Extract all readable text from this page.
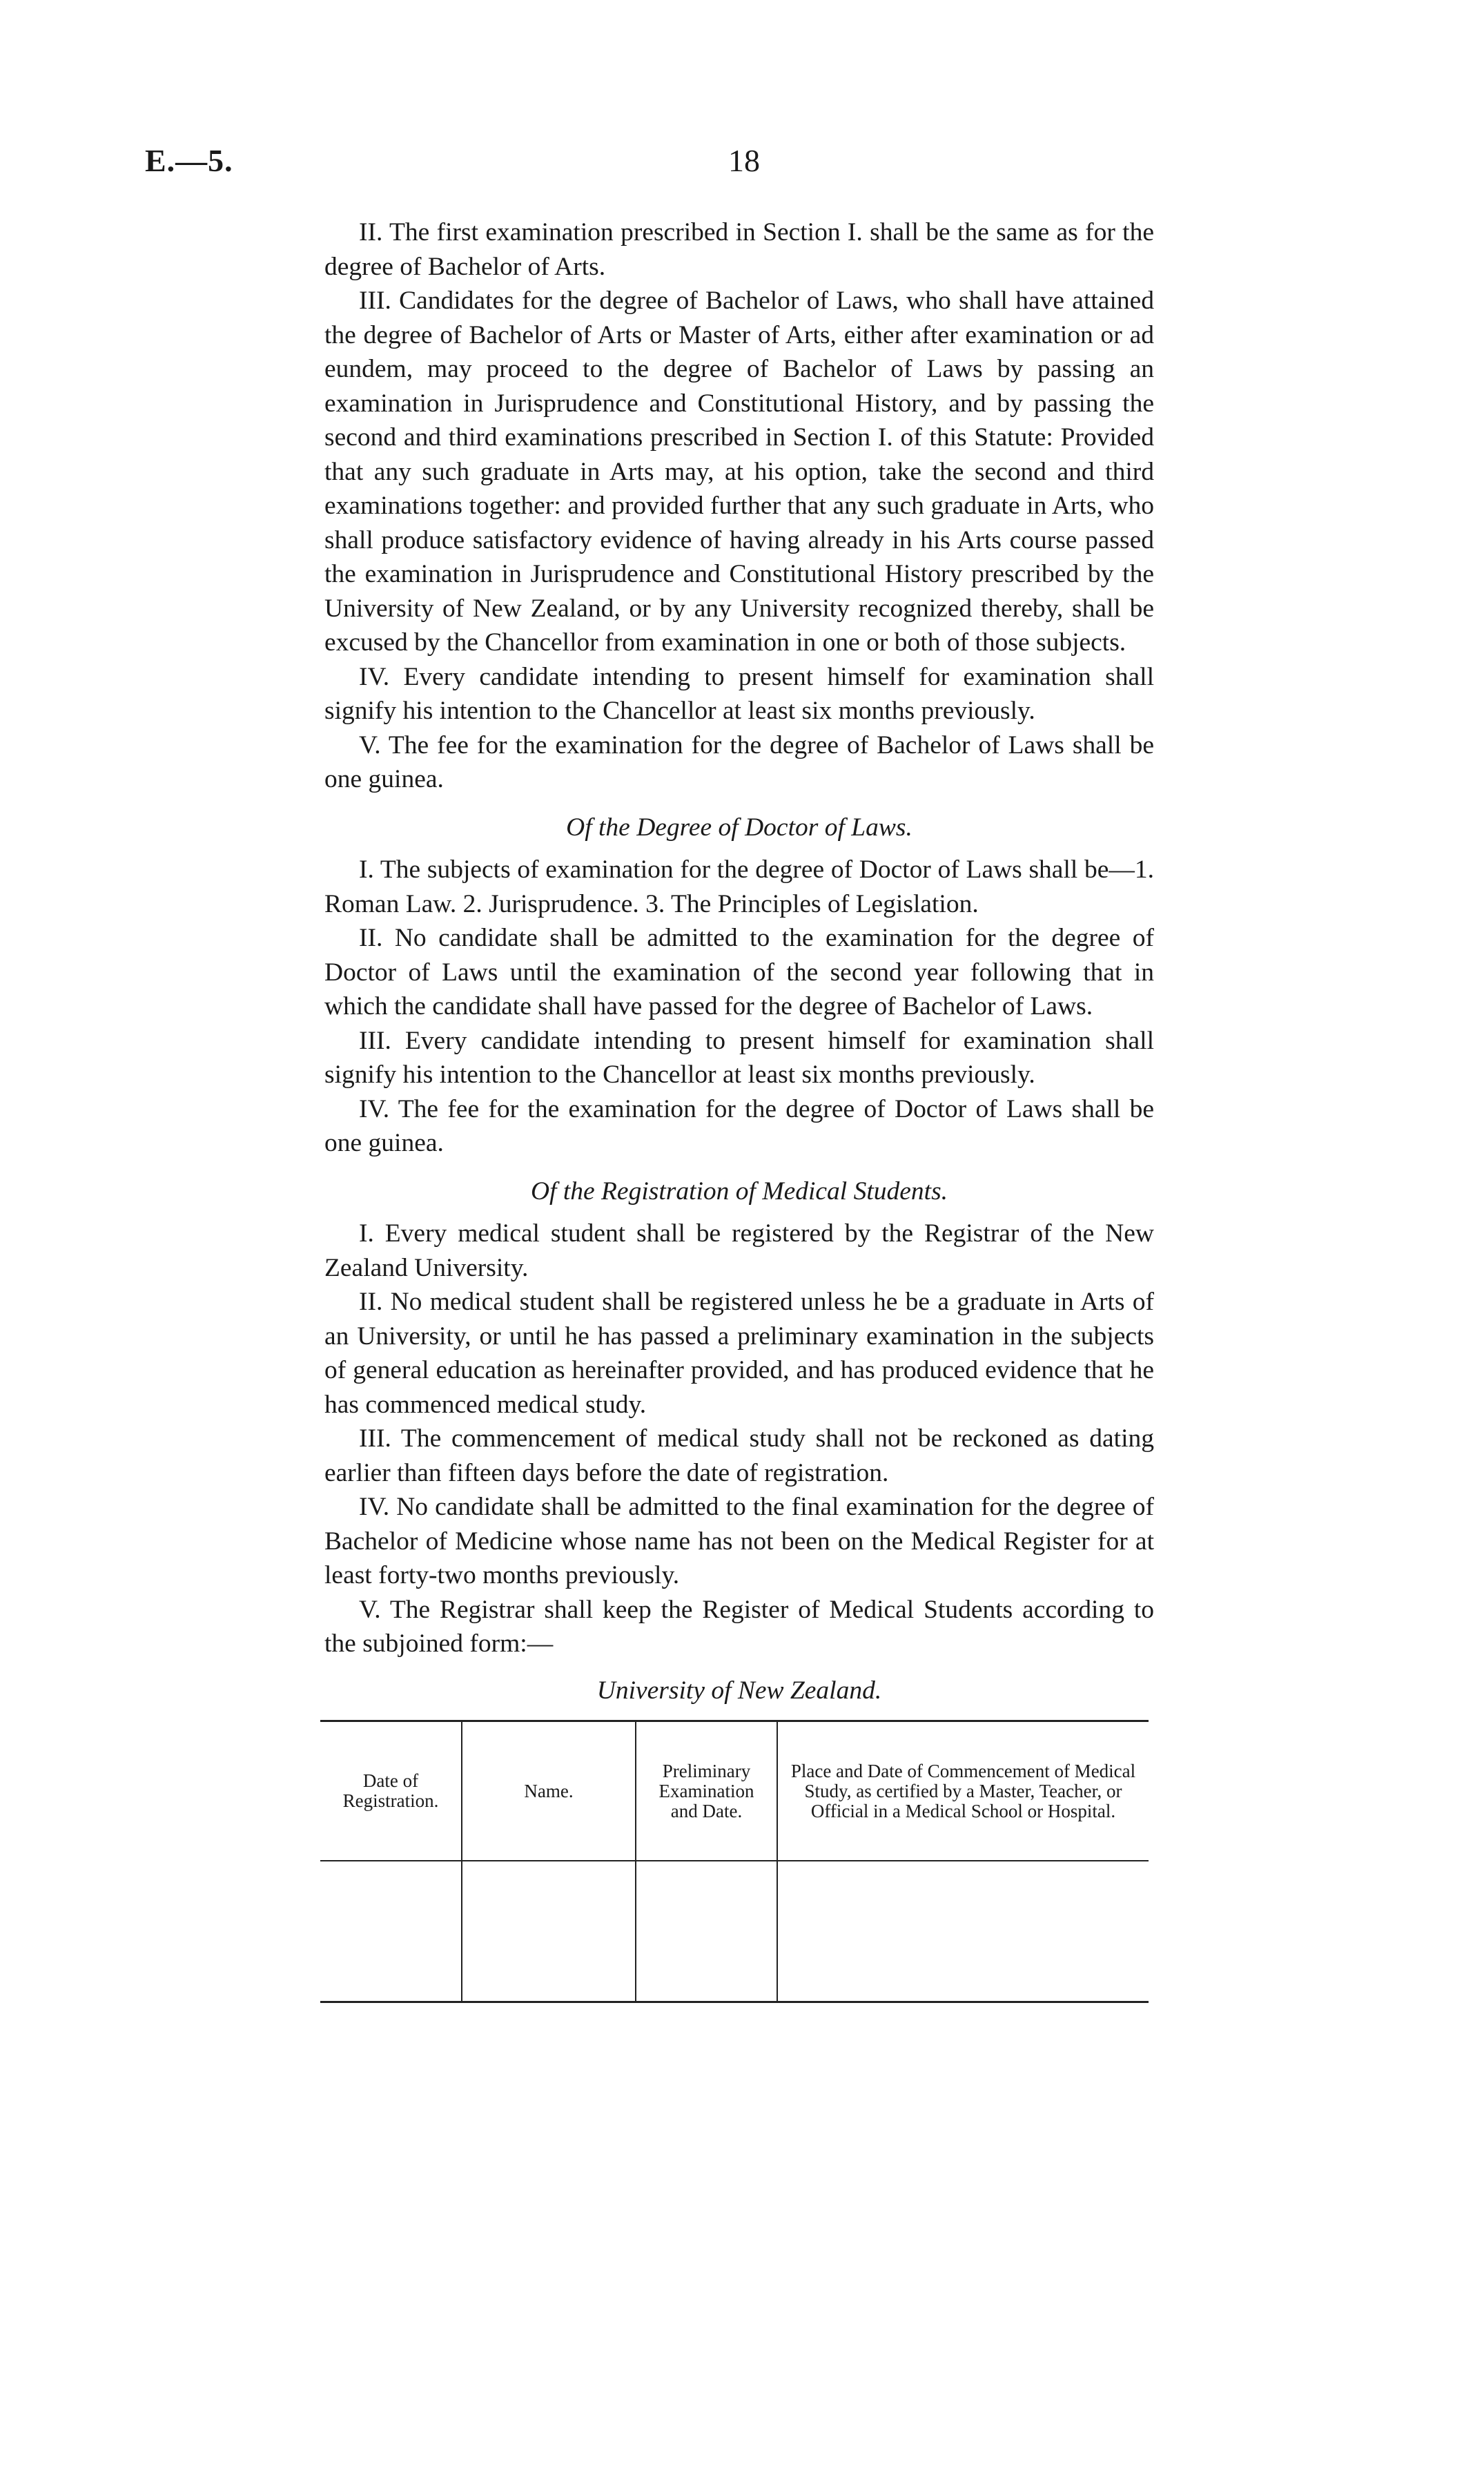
E.—5.	18

II. The first examination prescribed in Section I. shall be the same as for the degree of Bachelor of Arts.

III. Candidates for the degree of Bachelor of Laws, who shall have attained the degree of Bachelor of Arts or Master of Arts, either after examination or ad eundem, may proceed to the degree of Bachelor of Laws by passing an examination in Jurisprudence and Constitutional History, and by passing the second and third examinations prescribed in Section I. of this Statute: Provided that any such graduate in Arts may, at his option, take the second and third examinations together: and provided further that any such graduate in Arts, who shall produce satisfactory evidence of having already in his Arts course passed the examination in Jurisprudence and Constitutional History prescribed by the University of New Zealand, or by any University recognized thereby, shall be excused by the Chancellor from examination in one or both of those subjects.

IV. Every candidate intending to present himself for examination shall signify his intention to the Chancellor at least six months previously.

V. The fee for the examination for the degree of Bachelor of Laws shall be one guinea.

Of the Degree of Doctor of Laws.

I. The subjects of examination for the degree of Doctor of Laws shall be—1. Roman Law. 2. Jurisprudence. 3. The Principles of Legislation.

II. No candidate shall be admitted to the examination for the degree of Doctor of Laws until the examination of the second year following that in which the candidate shall have passed for the degree of Bachelor of Laws.

III. Every candidate intending to present himself for examination shall signify his intention to the Chancellor at least six months previously.

IV. The fee for the examination for the degree of Doctor of Laws shall be one guinea.

Of the Registration of Medical Students.

I. Every medical student shall be registered by the Registrar of the New Zealand University.

II. No medical student shall be registered unless he be a graduate in Arts of an University, or until he has passed a preliminary examination in the subjects of general education as hereinafter provided, and has produced evidence that he has commenced medical study.

III. The commencement of medical study shall not be reckoned as dating earlier than fifteen days before the date of registration.

IV. No candidate shall be admitted to the final examination for the degree of Bachelor of Medicine whose name has not been on the Medical Register for at least forty-two months previously.

V. The Registrar shall keep the Register of Medical Students according to the subjoined form:—

University of New Zealand.
Date of Registration.	Name.	Preliminary Examination and Date.	Place and Date of Commencement of Medical Study, as certified by a Master, Teacher, or Official in a Medical School or Hospital.
